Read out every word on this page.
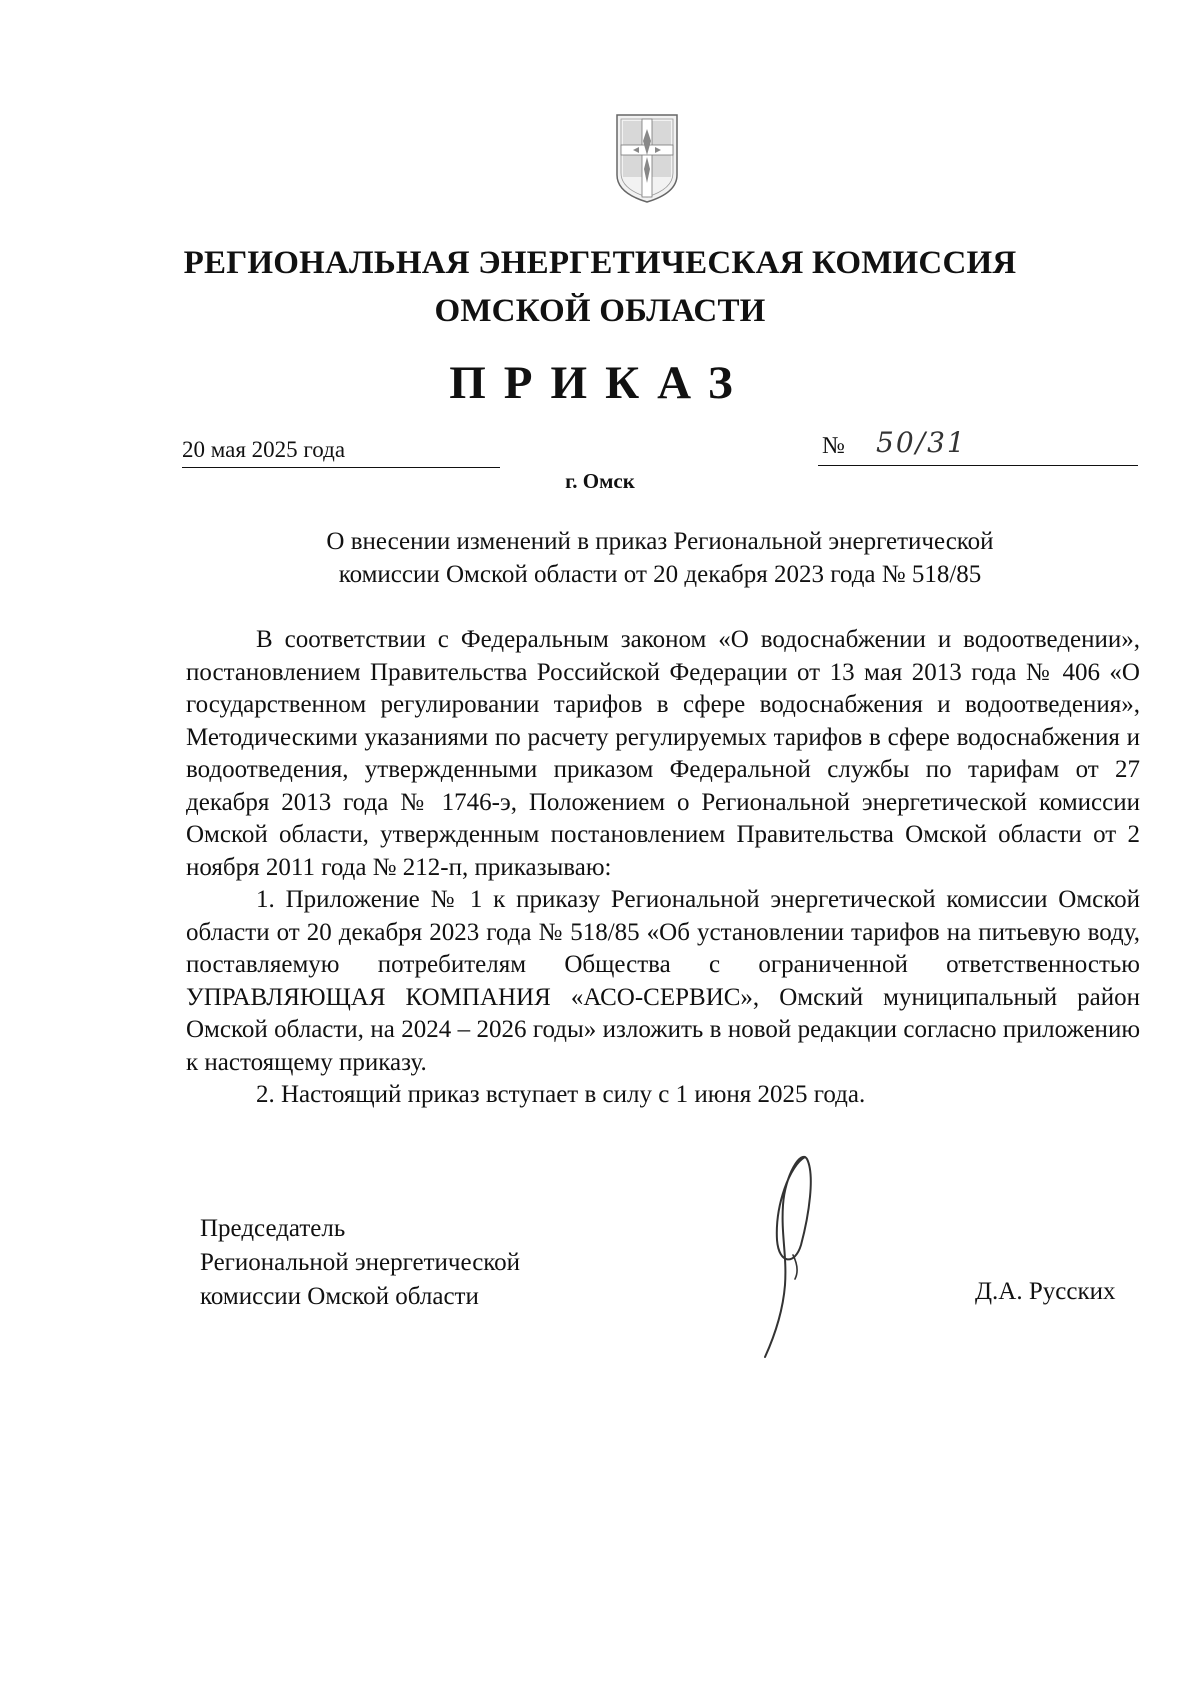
РЕГИОНАЛЬНАЯ ЭНЕРГЕТИЧЕСКАЯ КОМИССИЯ
ОМСКОЙ ОБЛАСТИ
ПРИКАЗ
20 мая 2025 года	№ 50/31
г. Омск
О внесении изменений в приказ Региональной энергетической
комиссии Омской области от 20 декабря 2023 года № 518/85

В соответствии с Федеральным законом «О водоснабжении и водоотведении», постановлением Правительства Российской Федерации от 13 мая 2013 года № 406 «О государственном регулировании тарифов в сфере водоснабжения и водоотведения», Методическими указаниями по расчету регулируемых тарифов в сфере водоснабжения и водоотведения, утвержденными приказом Федеральной службы по тарифам от 27 декабря 2013 года № 1746-э, Положением о Региональной энергетической комиссии Омской области, утвержденным постановлением Правительства Омской области от 2 ноября 2011 года № 212-п, приказываю:

1. Приложение № 1 к приказу Региональной энергетической комиссии Омской области от 20 декабря 2023 года № 518/85 «Об установлении тарифов на питьевую воду, поставляемую потребителям Общества с ограниченной ответственностью УПРАВЛЯЮЩАЯ КОМПАНИЯ «АСО-СЕРВИС», Омский муниципальный район Омской области, на 2024 – 2026 годы» изложить в новой редакции согласно приложению к настоящему приказу.

2. Настоящий приказ вступает в силу с 1 июня 2025 года.

Председатель
Региональной энергетической
комиссии Омской области	Д.А. Русских
